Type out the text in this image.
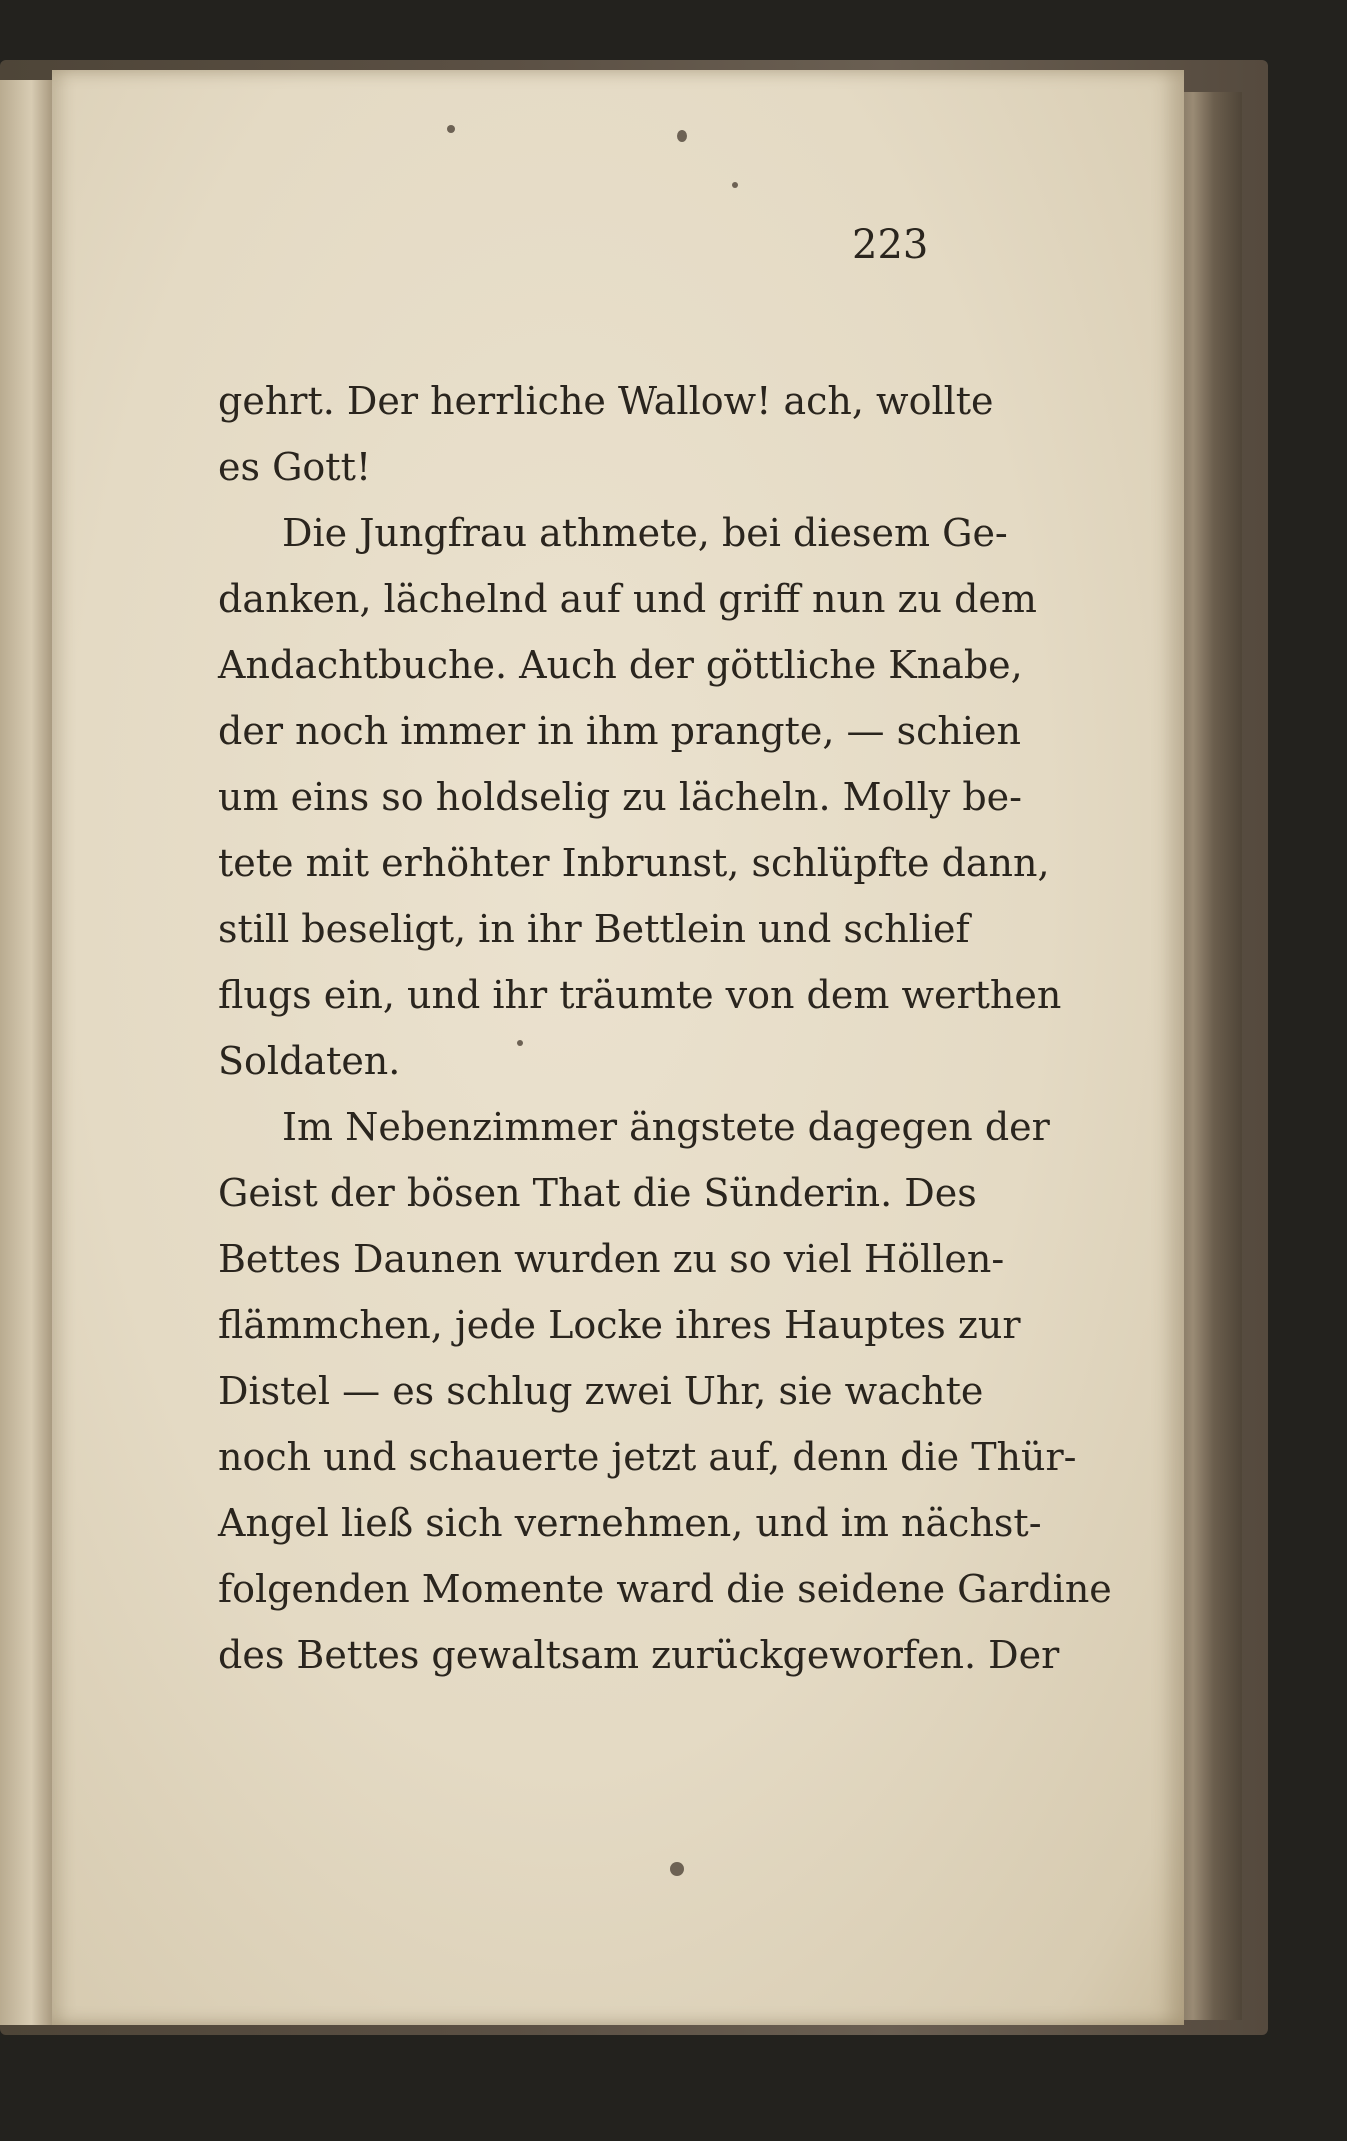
223
gehrt. Der herrliche Wallow! ach, wollte
es Gott!
Die Jungfrau athmete, bei diesem Ge-
danken, lächelnd auf und griff nun zu dem
Andachtbuche. Auch der göttliche Knabe,
der noch immer in ihm prangte, — schien
um eins so holdselig zu lächeln. Molly be-
tete mit erhöhter Inbrunst, schlüpfte dann,
still beseligt, in ihr Bettlein und schlief
flugs ein, und ihr träumte von dem werthen
Soldaten.
Im Nebenzimmer ängstete dagegen der
Geist der bösen That die Sünderin. Des
Bettes Daunen wurden zu so viel Höllen-
flämmchen, jede Locke ihres Hauptes zur
Distel — es schlug zwei Uhr, sie wachte
noch und schauerte jetzt auf, denn die Thür-
Angel ließ sich vernehmen, und im nächst-
folgenden Momente ward die seidene Gardine
des Bettes gewaltsam zurückgeworfen. Der
